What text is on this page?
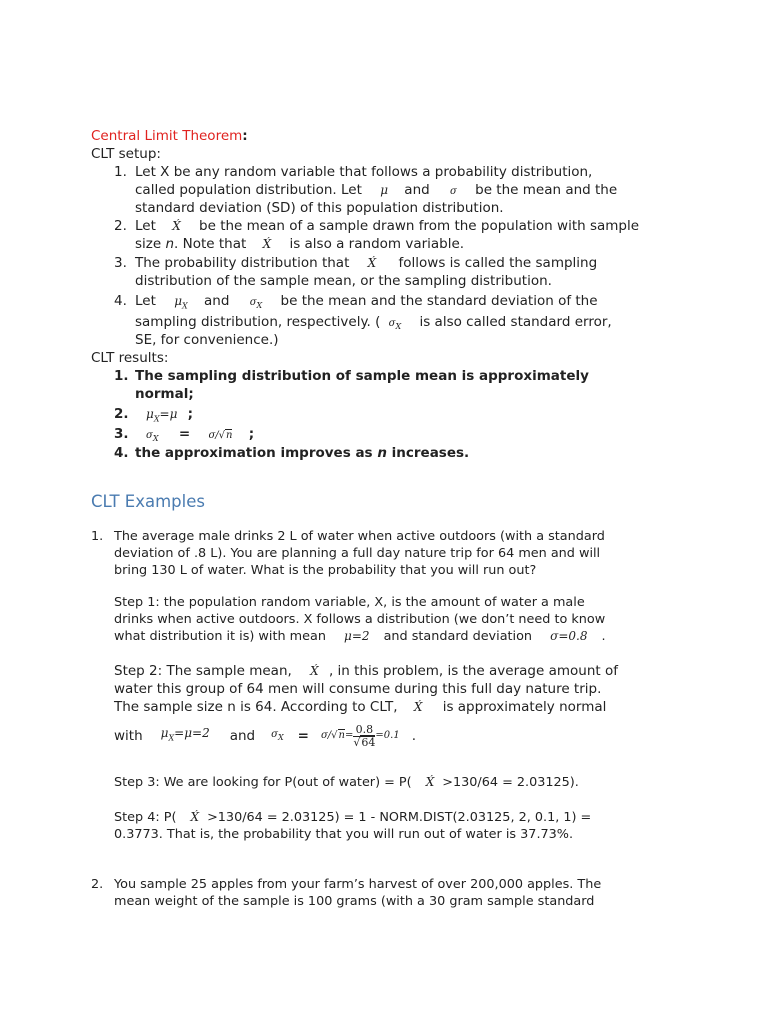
Central Limit Theorem:
CLT setup:
1. Let X be any random variable that follows a probability distribution,
called population distribution. Let μ and σ be the mean and the
standard deviation (SD) of this population distribution.
2. Let X́ be the mean of a sample drawn from the population with sample
size n. Note that X́ is also a random variable.
3. The probability distribution that X́ follows is called the sampling
distribution of the sample mean, or the sampling distribution.
4. Let $\mu_X$ and $\sigma_X$ be the mean and the standard deviation of the
sampling distribution, respectively. ( $\sigma_X$ is also called standard error,
SE, for convenience.)
CLT results:
1. The sampling distribution of sample mean is approximately
normal;
2. $\mu_X=\mu$ ;
3. $\sigma_X = \sigma/√n$ ;
4. the approximation improves as n increases.
CLT Examples
1. The average male drinks 2 L of water when active outdoors (with a standard
deviation of .8 L). You are planning a full day nature trip for 64 men and will
bring 130 L of water. What is the probability that you will run out?
Step 1: the population random variable, X, is the amount of water a male
drinks when active outdoors. X follows a distribution (we don’t need to know
what distribution it is) with mean μ=2 and standard deviation σ=0.8 .
Step 2: The sample mean, X́ , in this problem, is the average amount of
water this group of 64 men will consume during this full day nature trip.
The sample size n is 64. According to CLT, X́ is approximately normal
with $\mu_X=\mu=2$ and $\sigma_X = \sigma/√n= \frac{0.8}{√64} =0.1$ .
Step 3: We are looking for P(out of water) = P( X́ >130/64 = 2.03125).
Step 4: P( X́ >130/64 = 2.03125) = 1 - NORM.DIST(2.03125, 2, 0.1, 1) =
0.3773. That is, the probability that you will run out of water is 37.73%.
2. You sample 25 apples from your farm’s harvest of over 200,000 apples. The
mean weight of the sample is 100 grams (with a 30 gram sample standard
